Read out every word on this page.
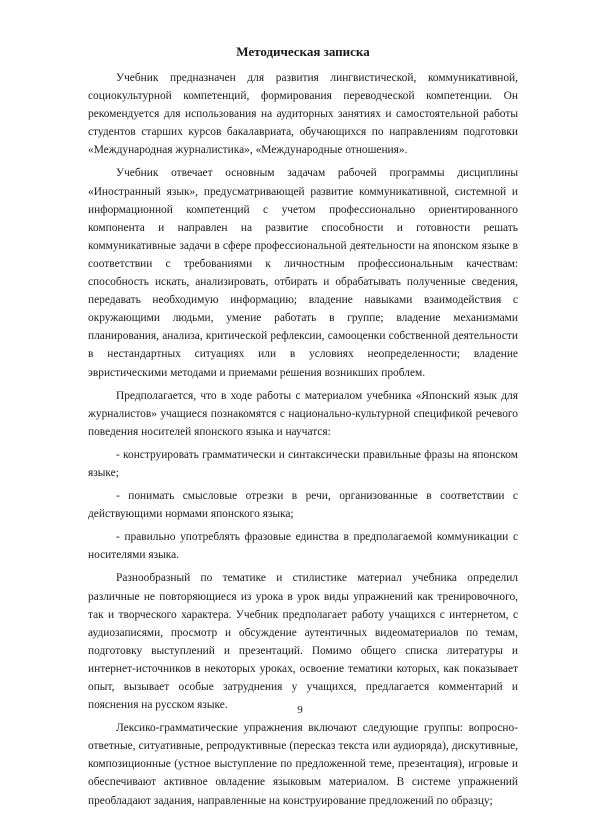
Методическая записка

Учебник предназначен для развития лингвистической, коммуникативной, социокультурной компетенций, формирования переводческой компетенции. Он рекомендуется для использования на аудиторных занятиях и самостоятельной работы студентов старших курсов бакалавриата, обучающихся по направлениям подготовки «Международная журналистика», «Международные отношения».

Учебник отвечает основным задачам рабочей программы дисциплины «Иностранный язык», предусматривающей развитие коммуникативной, системной и информационной компетенций с учетом профессионально ориентированного компонента и направлен на развитие способности и готовности решать коммуникативные задачи в сфере профессиональной деятельности на японском языке в соответствии с требованиями к личностным профессиональным качествам: способность искать, анализировать, отбирать и обрабатывать полученные сведения, передавать необходимую информацию; владение навыками взаимодействия с окружающими людьми, умение работать в группе; владение механизмами планирования, анализа, критической рефлексии, самооценки собственной деятельности в нестандартных ситуациях или в условиях неопределенности; владение эвристическими методами и приемами решения возникших проблем.

Предполагается, что в ходе работы с материалом учебника «Японский язык для журналистов» учащиеся познакомятся с национально-культурной спецификой речевого поведения носителей японского языка и научатся:

- конструировать грамматически и синтаксически правильные фразы на японском языке;

- понимать смысловые отрезки в речи, организованные в соответствии с действующими нормами японского языка;

- правильно употреблять фразовые единства в предполагаемой коммуникации с носителями языка.

Разнообразный по тематике и стилистике материал учебника определил различные не повторяющиеся из урока в урок виды упражнений как тренировочного, так и творческого характера. Учебник предполагает работу учащихся с интернетом, с аудиозаписями, просмотр и обсуждение аутентичных видеоматериалов по темам, подготовку выступлений и презентаций. Помимо общего списка литературы и интернет-источников в некоторых уроках, освоение тематики которых, как показывает опыт, вызывает особые затруднения у учащихся, предлагается комментарий и пояснения на русском языке.

Лексико-грамматические упражнения включают следующие группы: вопросно-ответные, ситуативные, репродуктивные (пересказ текста или аудиоряда), дискутивные, композиционные (устное выступление по предложенной теме, презентация), игровые и обеспечивают активное овладение языковым материалом. В системе упражнений преобладают задания, направленные на конструирование предложений по образцу;

9
